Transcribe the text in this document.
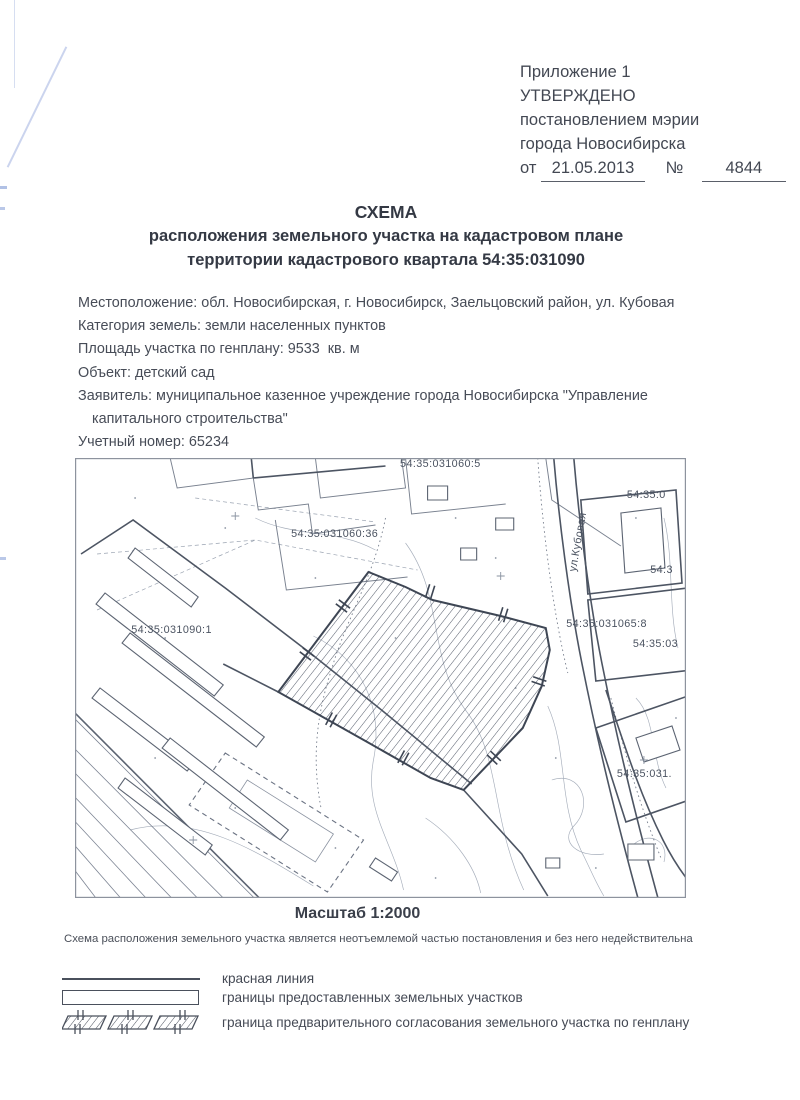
Приложение 1
УТВЕРЖДЕНО
постановлением мэрии
города Новосибирска
от 21.05.2013 №	4844
СХЕМА
расположения земельного участка на кадастровом плане
территории кадастрового квартала 54:35:031090
Местоположение: обл. Новосибирская, г. Новосибирск, Заельцовский район, ул. Кубовая
Категория земель: земли населенных пунктов
Площадь участка по генплану: 9533  кв. м
Объект: детский сад
Заявитель: муниципальное казенное учреждение города Новосибирска "Управление
капитального строительства"
Учетный номер: 65234
54:35:031060:5
54:35:0
54:35:031060:36	ул.Кубовая	54:3
54:35:031090:1	54:35:031065:8
54:35:03
54:35:031.
Масштаб 1:2000
Схема расположения земельного участка является неотъемлемой частью постановления и без него недействительна
красная линия
границы предоставленных земельных участков
граница предварительного согласования земельного участка по генплану
